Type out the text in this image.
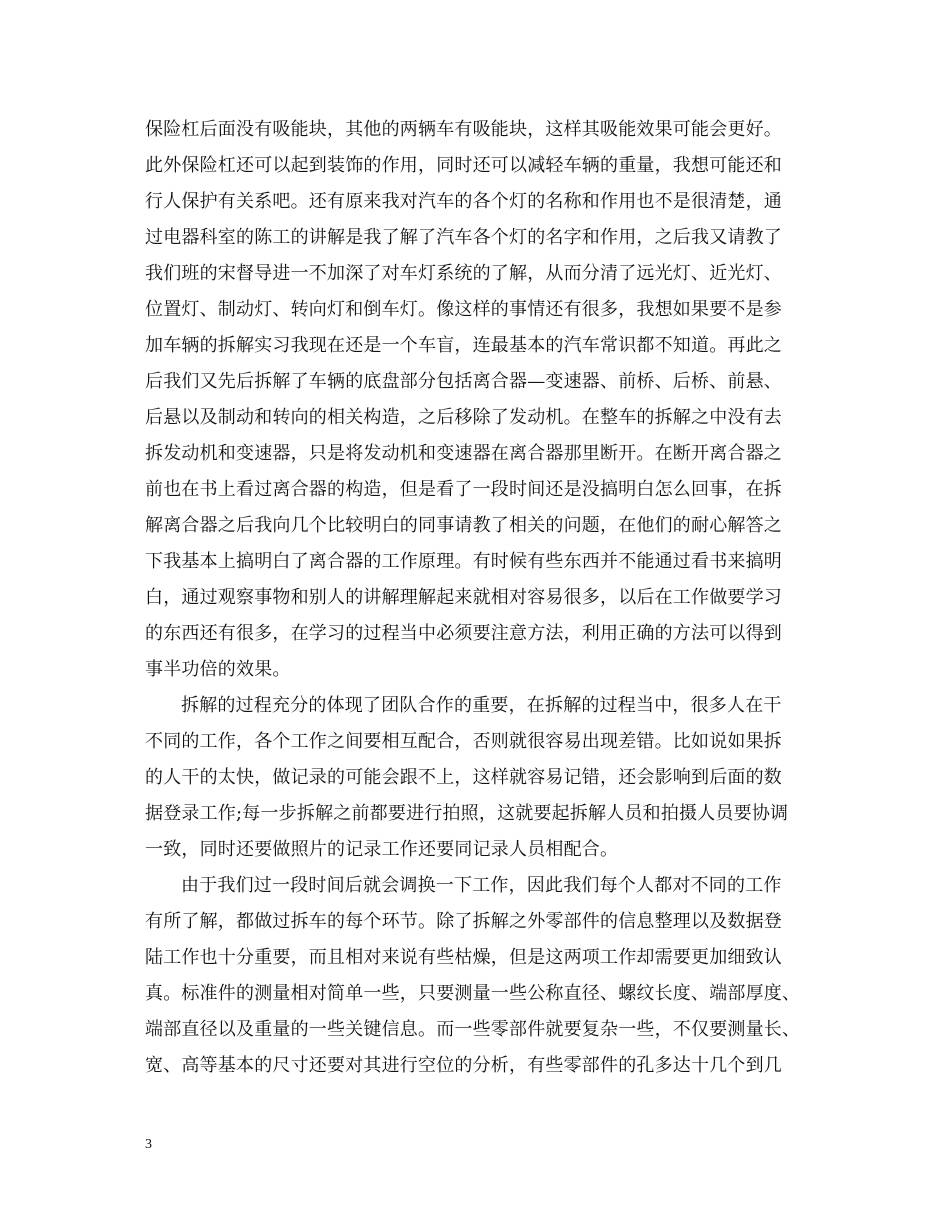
保险杠后面没有吸能块，其他的两辆车有吸能块，这样其吸能效果可能会更好。
此外保险杠还可以起到装饰的作用，同时还可以减轻车辆的重量，我想可能还和
行人保护有关系吧。还有原来我对汽车的各个灯的名称和作用也不是很清楚，通
过电器科室的陈工的讲解是我了解了汽车各个灯的名字和作用，之后我又请教了
我们班的宋督导进一不加深了对车灯系统的了解，从而分清了远光灯、近光灯、
位置灯、制动灯、转向灯和倒车灯。像这样的事情还有很多，我想如果要不是参
加车辆的拆解实习我现在还是一个车盲，连最基本的汽车常识都不知道。再此之
后我们又先后拆解了车辆的底盘部分包括离合器—变速器、前桥、后桥、前悬、
后悬以及制动和转向的相关构造，之后移除了发动机。在整车的拆解之中没有去
拆发动机和变速器，只是将发动机和变速器在离合器那里断开。在断开离合器之
前也在书上看过离合器的构造，但是看了一段时间还是没搞明白怎么回事，在拆
解离合器之后我向几个比较明白的同事请教了相关的问题，在他们的耐心解答之
下我基本上搞明白了离合器的工作原理。有时候有些东西并不能通过看书来搞明
白，通过观察事物和别人的讲解理解起来就相对容易很多，以后在工作做要学习
的东西还有很多，在学习的过程当中必须要注意方法，利用正确的方法可以得到
事半功倍的效果。
拆解的过程充分的体现了团队合作的重要，在拆解的过程当中，很多人在干
不同的工作，各个工作之间要相互配合，否则就很容易出现差错。比如说如果拆
的人干的太快，做记录的可能会跟不上，这样就容易记错，还会影响到后面的数
据登录工作;每一步拆解之前都要进行拍照，这就要起拆解人员和拍摄人员要协调
一致，同时还要做照片的记录工作还要同记录人员相配合。
由于我们过一段时间后就会调换一下工作，因此我们每个人都对不同的工作
有所了解，都做过拆车的每个环节。除了拆解之外零部件的信息整理以及数据登
陆工作也十分重要，而且相对来说有些枯燥，但是这两项工作却需要更加细致认
真。标准件的测量相对简单一些，只要测量一些公称直径、螺纹长度、端部厚度、
端部直径以及重量的一些关键信息。而一些零部件就要复杂一些，不仅要测量长、
宽、高等基本的尺寸还要对其进行空位的分析，有些零部件的孔多达十几个到几
3
